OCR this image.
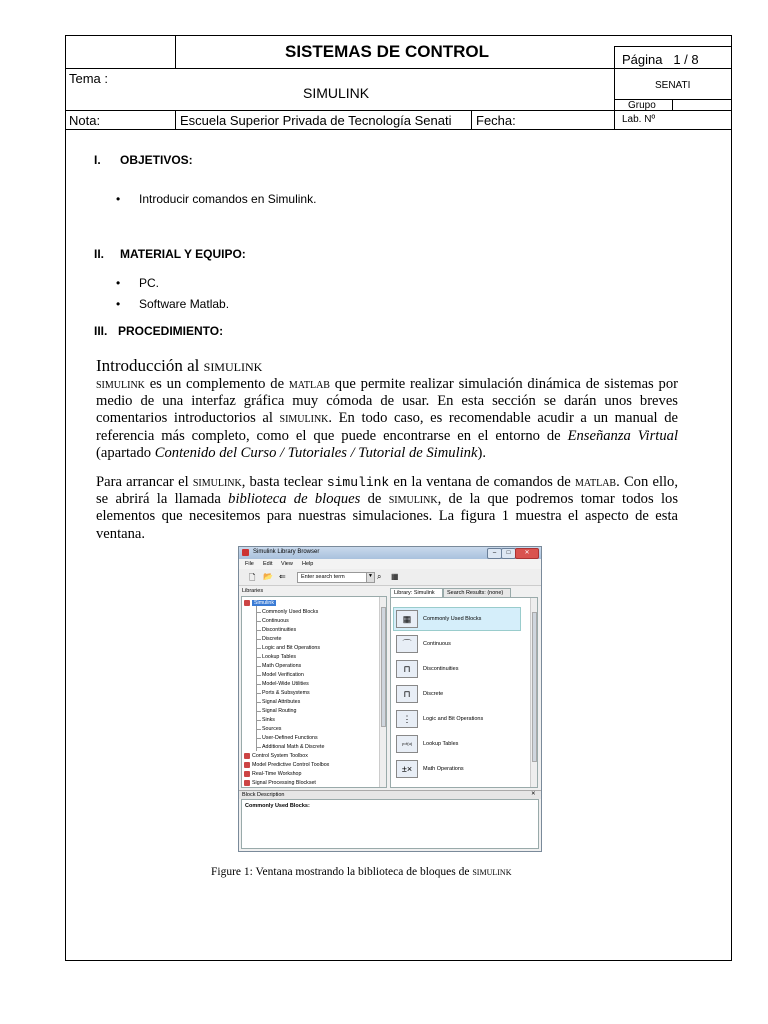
SISTEMAS DE CONTROL	Página   1 / 8
Tema :
SIMULINK	SENATI
Grupo
Nota:	Escuela Superior Privada de Tecnología Senati Fecha:	Lab. Nº
I. OBJETIVOS:
• Introducir comandos en Simulink.
II. MATERIAL Y EQUIPO:
• PC.
• Software Matlab.
III. PROCEDIMIENTO:
Introducción al simulink
simulink es un complemento de matlab que permite realizar simulación dinámica de sistemas por medio de una interfaz gráfica muy cómoda de usar. En esta sección se darán unos breves comentarios introductorios al simulink. En todo caso, es recomendable acudir a un manual de referencia más completo, como el que puede encontrarse en el entorno de Enseñanza Virtual (apartado Contenido del Curso / Tutoriales / Tutorial de Simulink).
Para arrancar el simulink, basta teclear simulink en la ventana de comandos de matlab. Con ello, se abrirá la llamada biblioteca de bloques de simulink, de la que podremos tomar todos los elementos que necesitemos para nuestras simulaciones. La figura 1 muestra el aspecto de esta ventana.
Simulink Library Browser	–	□	✕
File Edit View Help
🗋 📂 ⇐	Enter search term	▼ ⌕ ▦
Libraries
Simulink
Commonly Used Blocks
Continuous
Discontinuities
Discrete
Logic and Bit Operations
Lookup Tables
Math Operations
Model Verification
Model-Wide Utilities
Ports & Subsystems
Signal Attributes
Signal Routing
Sinks
Sources
User-Defined Functions
Additional Math & Discrete
Control System Toolbox
Model Predictive Control Toolbox
Real-Time Workshop
Signal Processing Blockset
Library: Simulink Search Results: (none)
▦	Commonly Used Blocks
⌒	Continuous
⊓	Discontinuities
⊓	Discrete
⋮	Logic and Bit Operations
y=f(u)	Lookup Tables
±×	Math Operations
Block Description	✕
Commonly Used Blocks:
Figure 1: Ventana mostrando la biblioteca de bloques de simulink
